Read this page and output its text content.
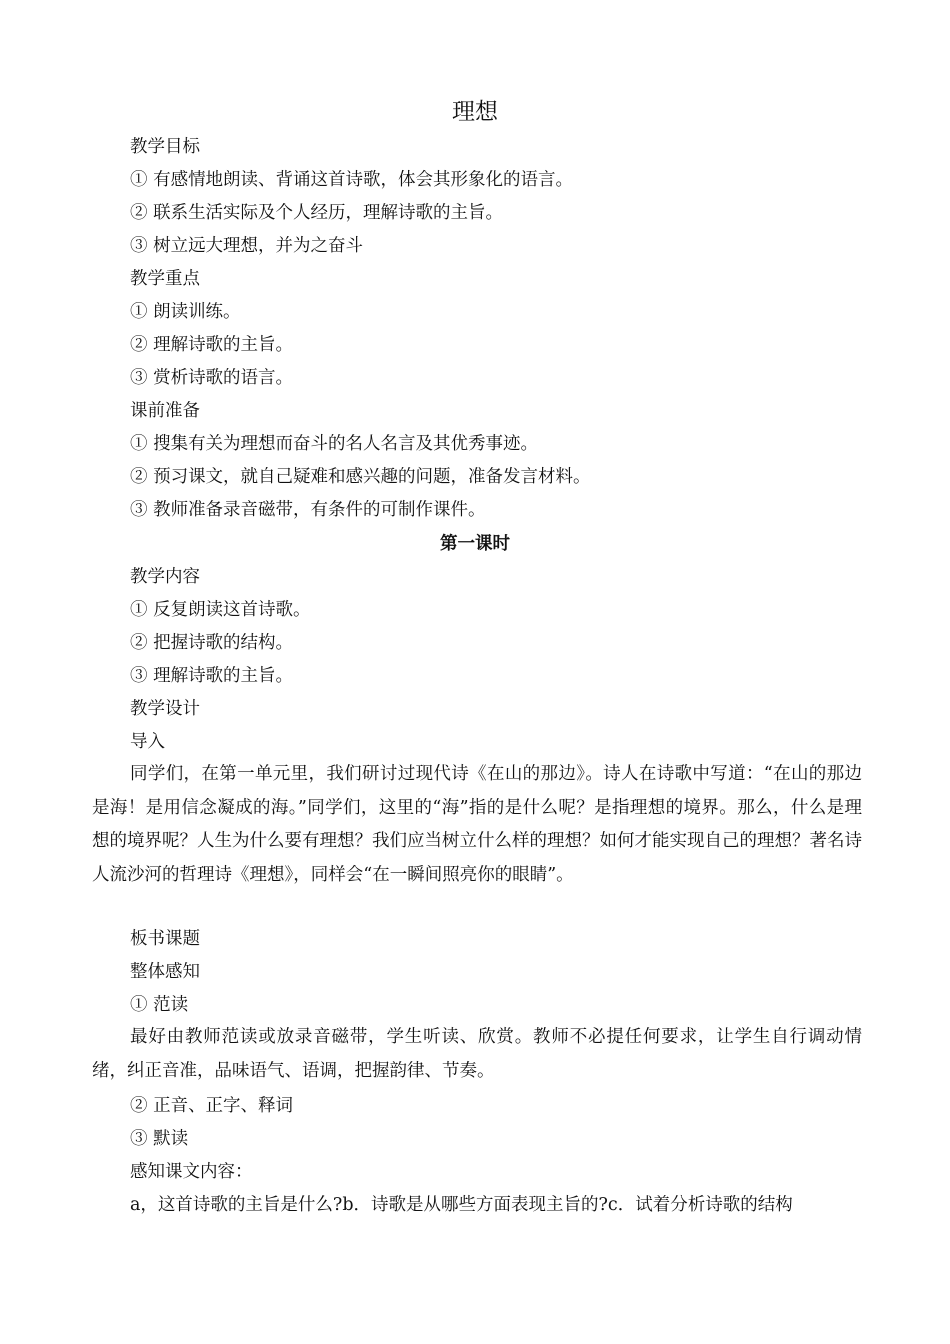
理想
教学目标
① 有感情地朗读、背诵这首诗歌，体会其形象化的语言。
② 联系生活实际及个人经历，理解诗歌的主旨。
③ 树立远大理想，并为之奋斗
教学重点
① 朗读训练。
② 理解诗歌的主旨。
③ 赏析诗歌的语言。
课前准备
① 搜集有关为理想而奋斗的名人名言及其优秀事迹。
② 预习课文，就自己疑难和感兴趣的问题，准备发言材料。
③ 教师准备录音磁带，有条件的可制作课件。
第一课时
教学内容
① 反复朗读这首诗歌。
② 把握诗歌的结构。
③ 理解诗歌的主旨。
教学设计
导入
同学们，在第一单元里，我们研讨过现代诗《在山的那边》。诗人在诗歌中写道：“在山的那边是海！是用信念凝成的海。”同学们，这里的“海”指的是什么呢？是指理想的境界。那么，什么是理想的境界呢？人生为什么要有理想？我们应当树立什么样的理想？如何才能实现自己的理想？著名诗人流沙河的哲理诗《理想》，同样会“在一瞬间照亮你的眼睛”。
板书课题
整体感知
① 范读
最好由教师范读或放录音磁带，学生听读、欣赏。教师不必提任何要求，让学生自行调动情绪，纠正音准，品味语气、语调，把握韵律、节奏。
② 正音、正字、释词
③ 默读
感知课文内容：
a，这首诗歌的主旨是什么?b．诗歌是从哪些方面表现主旨的?c．试着分析诗歌的结构
